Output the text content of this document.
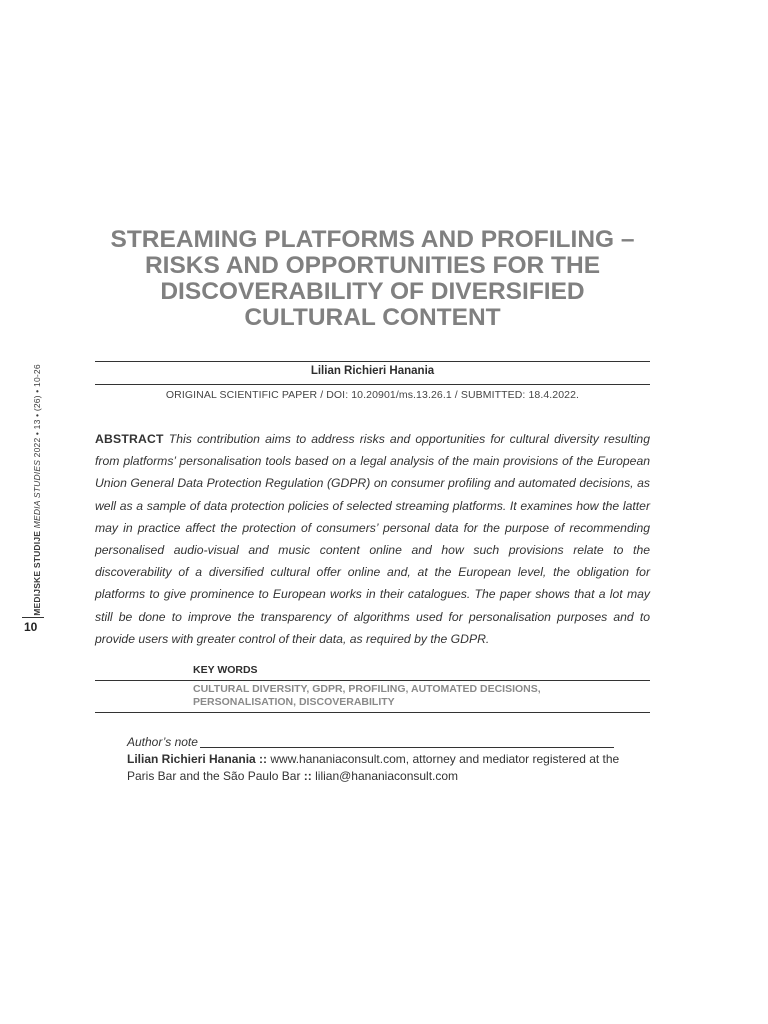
MEDIJSKE STUDIJE MEDIA STUDIES 2022 • 13 • (26) • 10-26
10
STREAMING PLATFORMS AND PROFILING – RISKS AND OPPORTUNITIES FOR THE DISCOVERABILITY OF DIVERSIFIED CULTURAL CONTENT
Lilian Richieri Hanania
ORIGINAL SCIENTIFIC PAPER / DOI: 10.20901/ms.13.26.1 / SUBMITTED: 18.4.2022.

ABSTRACT This contribution aims to address risks and opportunities for cultural diversity resulting from platforms’ personalisation tools based on a legal analysis of the main provisions of the European Union General Data Protection Regulation (GDPR) on consumer profiling and automated decisions, as well as a sample of data protection policies of selected streaming platforms. It examines how the latter may in practice affect the protection of consumers’ personal data for the purpose of recommending personalised audio-visual and music content online and how such provisions relate to the discoverability of a diversified cultural offer online and, at the European level, the obligation for platforms to give prominence to European works in their catalogues. The paper shows that a lot may still be done to improve the transparency of algorithms used for personalisation purposes and to provide users with greater control of their data, as required by the GDPR.

KEY WORDS
CULTURAL DIVERSITY, GDPR, PROFILING, AUTOMATED DECISIONS, PERSONALISATION, DISCOVERABILITY
Author’s note
Lilian Richieri Hanania :: www.hananiaconsult.com, attorney and mediator registered at the Paris Bar and the São Paulo Bar :: lilian@hananiaconsult.com
